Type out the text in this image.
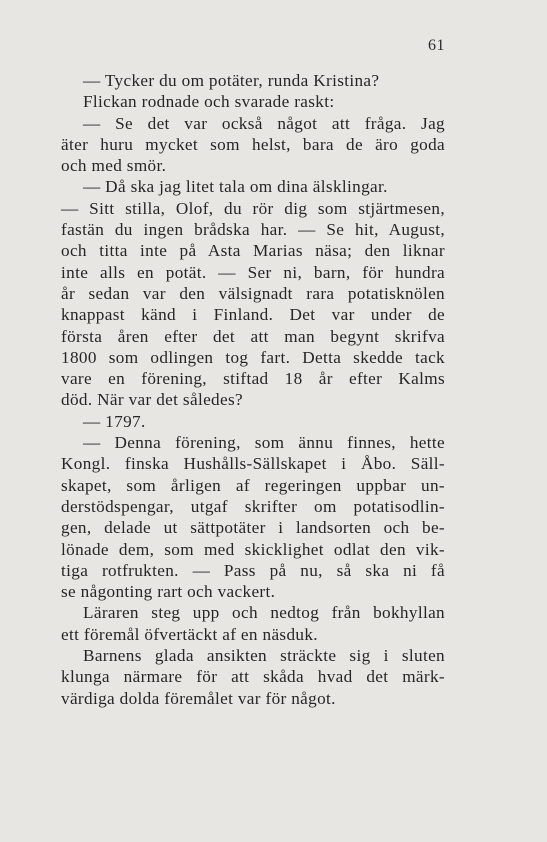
61
— Tycker du om potäter, runda Kristina?
Flickan rodnade och svarade raskt:
— Se det var också något att fråga. Jag
äter huru mycket som helst, bara de äro goda
och med smör.
— Då ska jag litet tala om dina älsklingar.
— Sitt stilla, Olof, du rör dig som stjärtmesen,
fastän du ingen brådska har. — Se hit, August,
och titta inte på Asta Marias näsa; den liknar
inte alls en potät. — Ser ni, barn, för hundra
år sedan var den välsignadt rara potatisknölen
knappast känd i Finland. Det var under de
första åren efter det att man begynt skrifva
1800 som odlingen tog fart. Detta skedde tack
vare en förening, stiftad 18 år efter Kalms
död. När var det således?
— 1797.
— Denna förening, som ännu finnes, hette
Kongl. finska Hushålls-Sällskapet i Åbo. Säll-
skapet, som årligen af regeringen uppbar un-
derstödspengar, utgaf skrifter om potatisodlin-
gen, delade ut sättpotäter i landsorten och be-
lönade dem, som med skicklighet odlat den vik-
tiga rotfrukten. — Pass på nu, så ska ni få
se någonting rart och vackert.
Läraren steg upp och nedtog från bokhyllan
ett föremål öfvertäckt af en näsduk.
Barnens glada ansikten sträckte sig i sluten
klunga närmare för att skåda hvad det märk-
värdiga dolda föremålet var för något.
